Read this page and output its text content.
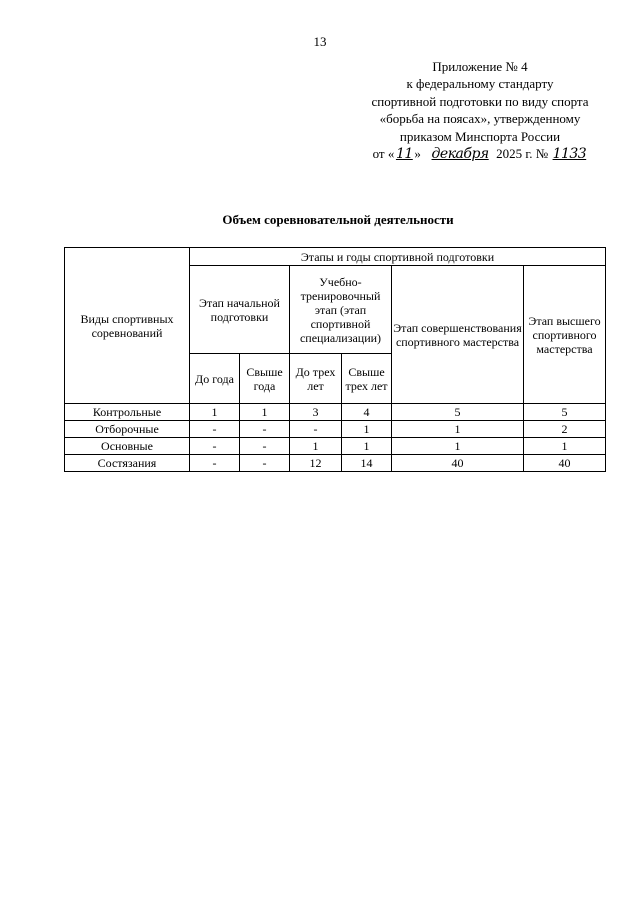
13
Приложение № 4
к федеральному стандарту
спортивной подготовки по виду спорта
«борьба на поясах», утвержденному
приказом Минспорта России
от « 11 » декабря 2025 г. № 1133
Объем соревновательной деятельности
Виды спортивных соревнований	Этапы и годы спортивной подготовки					
	Этап начальной подготовки		Учебно-тренировочный этап (этап спортивной специализации)		Этап совершенствования спортивного мастерства	Этап высшего спортивного мастерства
	До года	Свыше года	До трех лет	Свыше трех лет		
Контрольные	1	1	3	4	5	5
Отборочные	-	-	-	1	1	2
Основные	-	-	1	1	1	1
Состязания	-	-	12	14	40	40
